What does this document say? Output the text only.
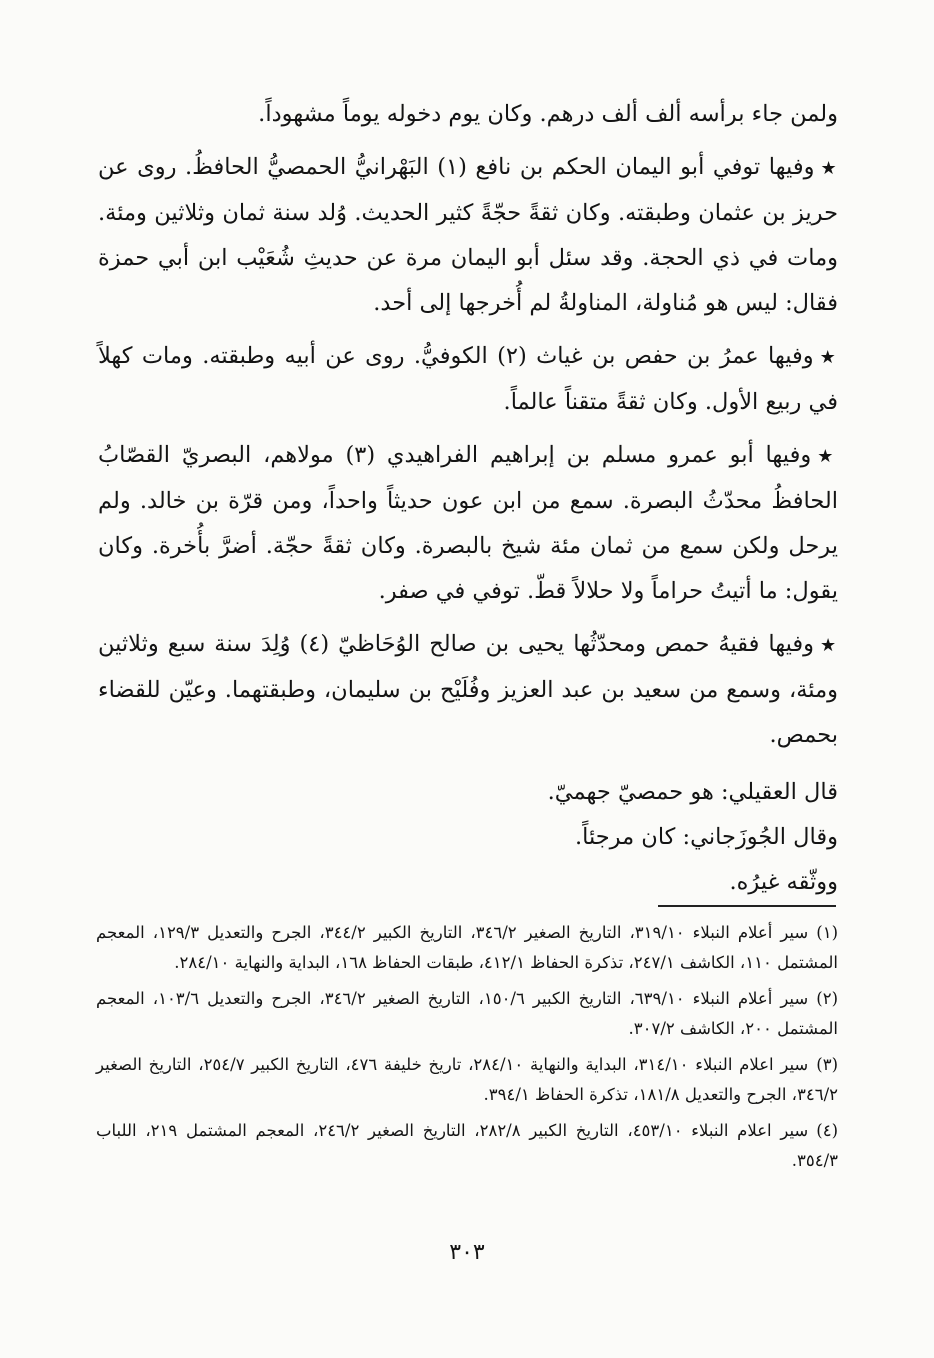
ولمن جاء برأسه ألف ألف درهم. وكان يوم دخوله يوماً مشهوداً.

★وفيها توفي أبو اليمان الحكم بن نافع (١) البَهْرانيُّ الحمصيُّ الحافظُ. روى عن حريز بن عثمان وطبقته. وكان ثقةً حجّةً كثير الحديث. وُلد سنة ثمان وثلاثين ومئة. ومات في ذي الحجة. وقد سئل أبو اليمان مرة عن حديثِ شُعَيْب ابن أبي حمزة فقال: ليس هو مُناولة، المناولةُ لم أُخرجها إلى أحد.

★وفيها عمرُ بن حفص بن غياث (٢) الكوفيُّ. روى عن أبيه وطبقته. ومات كهلاً في ربيع الأول. وكان ثقةً متقناً عالماً.

★وفيها أبو عمرو مسلم بن إبراهيم الفراهيدي (٣) مولاهم، البصريّ القصّابُ الحافظُ محدّثُ البصرة. سمع من ابن عون حديثاً واحداً، ومن قرّة بن خالد. ولم يرحل ولكن سمع من ثمان مئة شيخ بالبصرة. وكان ثقةً حجّة. أضرَّ بأُخرة. وكان يقول: ما أتيتُ حراماً ولا حلالاً قطّ. توفي في صفر.

★وفيها فقيهُ حمص ومحدّثُها يحيى بن صالح الوُحَاظيّ (٤) وُلِدَ سنة سبع وثلاثين ومئة، وسمع من سعيد بن عبد العزيز وفُلَيْح بن سليمان، وطبقتهما. وعيّن للقضاء بحمص.

قال العقيلي: هو حمصيّ جهميّ.
وقال الجُوزَجاني: كان مرجئاً.
ووثّقه غيرُه.

(١)سير أعلام النبلاء ٣١٩/١٠، التاريخ الصغير ٣٤٦/٢، التاريخ الكبير ٣٤٤/٢، الجرح والتعديل ١٢٩/٣، المعجم المشتمل ١١٠، الكاشف ٢٤٧/١، تذكرة الحفاظ ٤١٢/١، طبقات الحفاظ ١٦٨، البداية والنهاية ٢٨٤/١٠.

(٢)سير أعلام النبلاء ٦٣٩/١٠، التاريخ الكبير ١٥٠/٦، التاريخ الصغير ٣٤٦/٢، الجرح والتعديل ١٠٣/٦، المعجم المشتمل ٢٠٠، الكاشف ٣٠٧/٢.

(٣)سير اعلام النبلاء ٣١٤/١٠، البداية والنهاية ٢٨٤/١٠، تاريخ خليفة ٤٧٦، التاريخ الكبير ٢٥٤/٧، التاريخ الصغير ٣٤٦/٢، الجرح والتعديل ١٨١/٨، تذكرة الحفاظ ٣٩٤/١.

(٤)سير اعلام النبلاء ٤٥٣/١٠، التاريخ الكبير ٢٨٢/٨، التاريخ الصغير ٢٤٦/٢، المعجم المشتمل ٢١٩، اللباب ٣٥٤/٣.

٣٠٣
